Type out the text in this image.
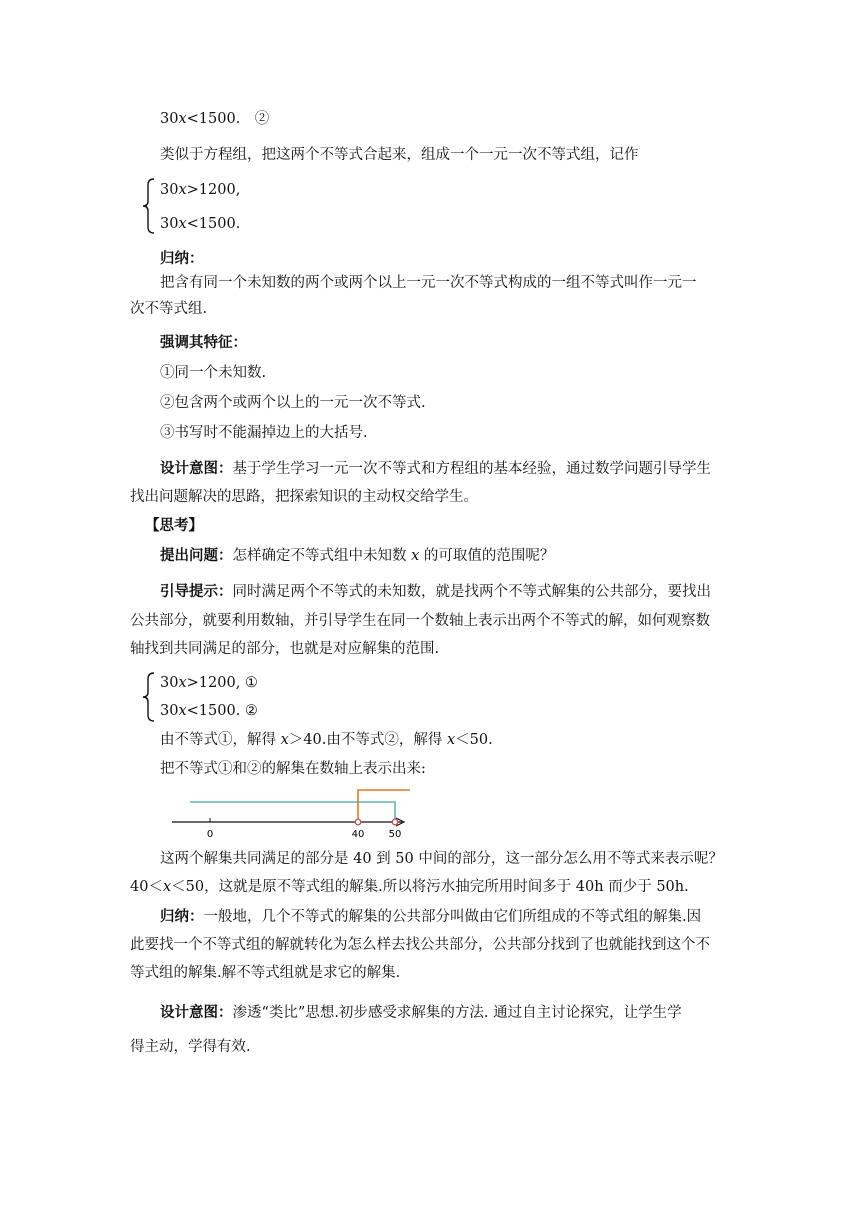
30x<1500.　②
类似于方程组，把这两个不等式合起来，组成一个一元一次不等式组，记作
30x>1200,
30x<1500.
归纳：
把含有同一个未知数的两个或两个以上一元一次不等式构成的一组不等式叫作一元一
次不等式组.
强调其特征：
①同一个未知数.
②包含两个或两个以上的一元一次不等式.
③书写时不能漏掉边上的大括号.
设计意图：基于学生学习一元一次不等式和方程组的基本经验，通过数学问题引导学生
找出问题解决的思路，把探索知识的主动权交给学生。
【思考】
提出问题：怎样确定不等式组中未知数 x 的可取值的范围呢？
引导提示：同时满足两个不等式的未知数，就是找两个不等式解集的公共部分，要找出
公共部分，就要利用数轴，并引导学生在同一个数轴上表示出两个不等式的解，如何观察数
轴找到共同满足的部分，也就是对应解集的范围.
30x>1200, ①
30x<1500. ②
由不等式①，解得 x＞40.由不等式②，解得 x＜50.
把不等式①和②的解集在数轴上表示出来:
0	40 50
这两个解集共同满足的部分是 40 到 50 中间的部分，这一部分怎么用不等式来表示呢？
40＜x＜50，这就是原不等式组的解集.所以将污水抽完所用时间多于 40h 而少于 50h.
归纳：一般地，几个不等式的解集的公共部分叫做由它们所组成的不等式组的解集.因
此要找一个不等式组的解就转化为怎么样去找公共部分，公共部分找到了也就能找到这个不
等式组的解集.解不等式组就是求它的解集.
设计意图：渗透“类比”思想.初步感受求解集的方法. 通过自主讨论探究，让学生学
得主动，学得有效.
